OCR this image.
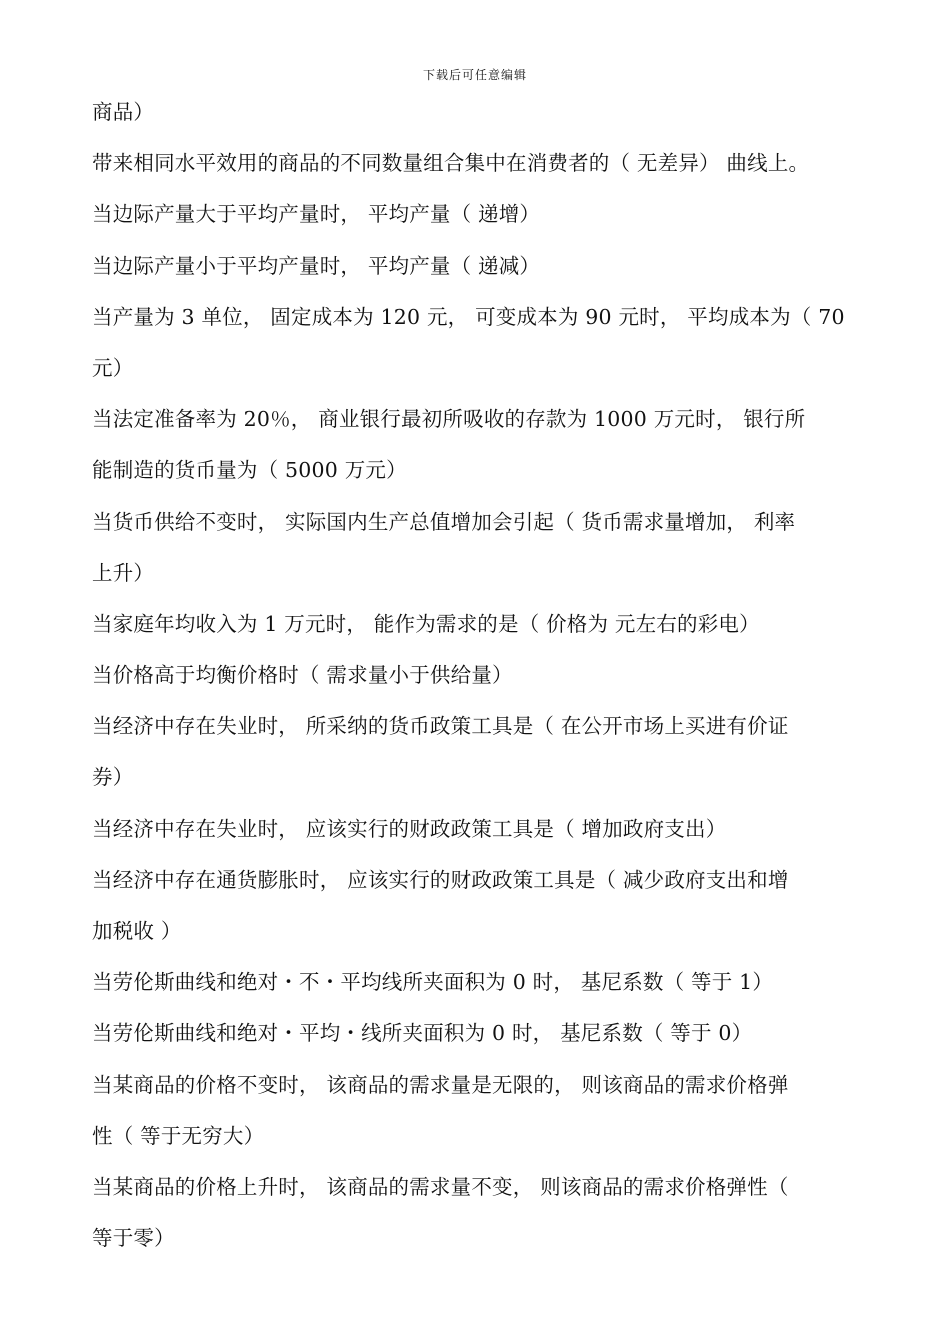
下载后可任意编辑
商品）
带来相同水平效用的商品的不同数量组合集中在消费者的（ 无差异） 曲线上。
当边际产量大于平均产量时， 平均产量（ 递增）
当边际产量小于平均产量时， 平均产量（ 递减）
当产量为 3 单位， 固定成本为 120 元， 可变成本为 90 元时， 平均成本为（ 70
元）
当法定准备率为 20％， 商业银行最初所吸收的存款为 1000 万元时， 银行所
能制造的货币量为（ 5000 万元）
当货币供给不变时， 实际国内生产总值增加会引起（ 货币需求量增加， 利率
上升）
当家庭年均收入为 1 万元时， 能作为需求的是（ 价格为 元左右的彩电）
当价格高于均衡价格时（ 需求量小于供给量）
当经济中存在失业时， 所采纳的货币政策工具是（ 在公开市场上买进有价证
券）
当经济中存在失业时， 应该实行的财政政策工具是（ 增加政府支出）
当经济中存在通货膨胀时， 应该实行的财政政策工具是（ 减少政府支出和增
加税收 ）
当劳伦斯曲线和绝对・不・平均线所夹面积为 0 时， 基尼系数（ 等于 1）
当劳伦斯曲线和绝对・平均・线所夹面积为 0 时， 基尼系数（ 等于 0）
当某商品的价格不变时， 该商品的需求量是无限的， 则该商品的需求价格弹
性（ 等于无穷大）
当某商品的价格上升时， 该商品的需求量不变， 则该商品的需求价格弹性（
等于零）
